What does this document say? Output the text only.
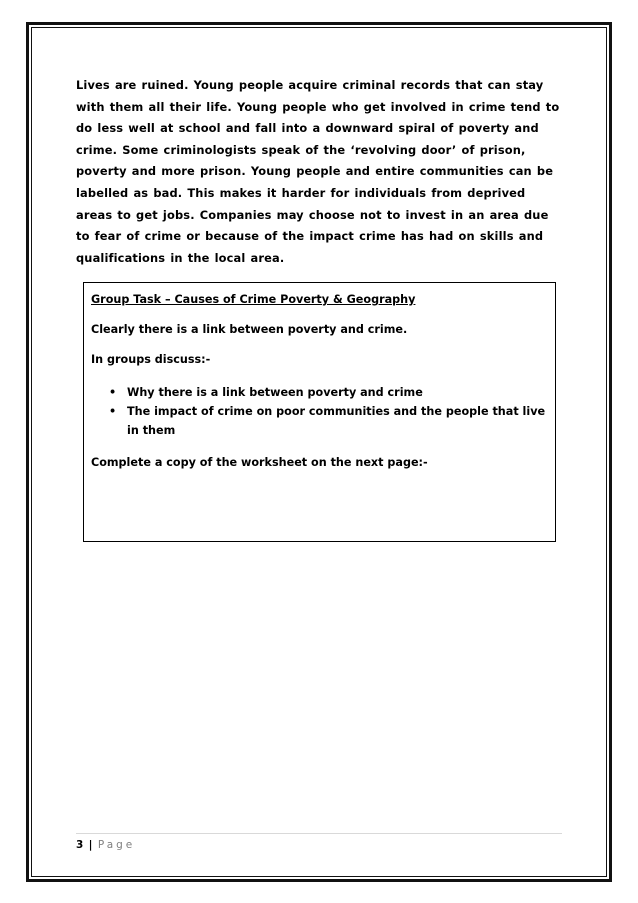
Lives are ruined. Young people acquire criminal records that can stay with them all their life. Young people who get involved in crime tend to do less well at school and fall into a downward spiral of poverty and crime. Some criminologists speak of the ‘revolving door’ of prison, poverty and more prison. Young people and entire communities can be labelled as bad. This makes it harder for individuals from deprived areas to get jobs. Companies may choose not to invest in an area due to fear of crime or because of the impact crime has had on skills and qualifications in the local area.
Group Task – Causes of Crime Poverty & Geography
Clearly there is a link between poverty and crime.
In groups discuss:-
• Why there is a link between poverty and crime
• The impact of crime on poor communities and the people that live in them
Complete a copy of the worksheet on the next page:-
3 | Page
